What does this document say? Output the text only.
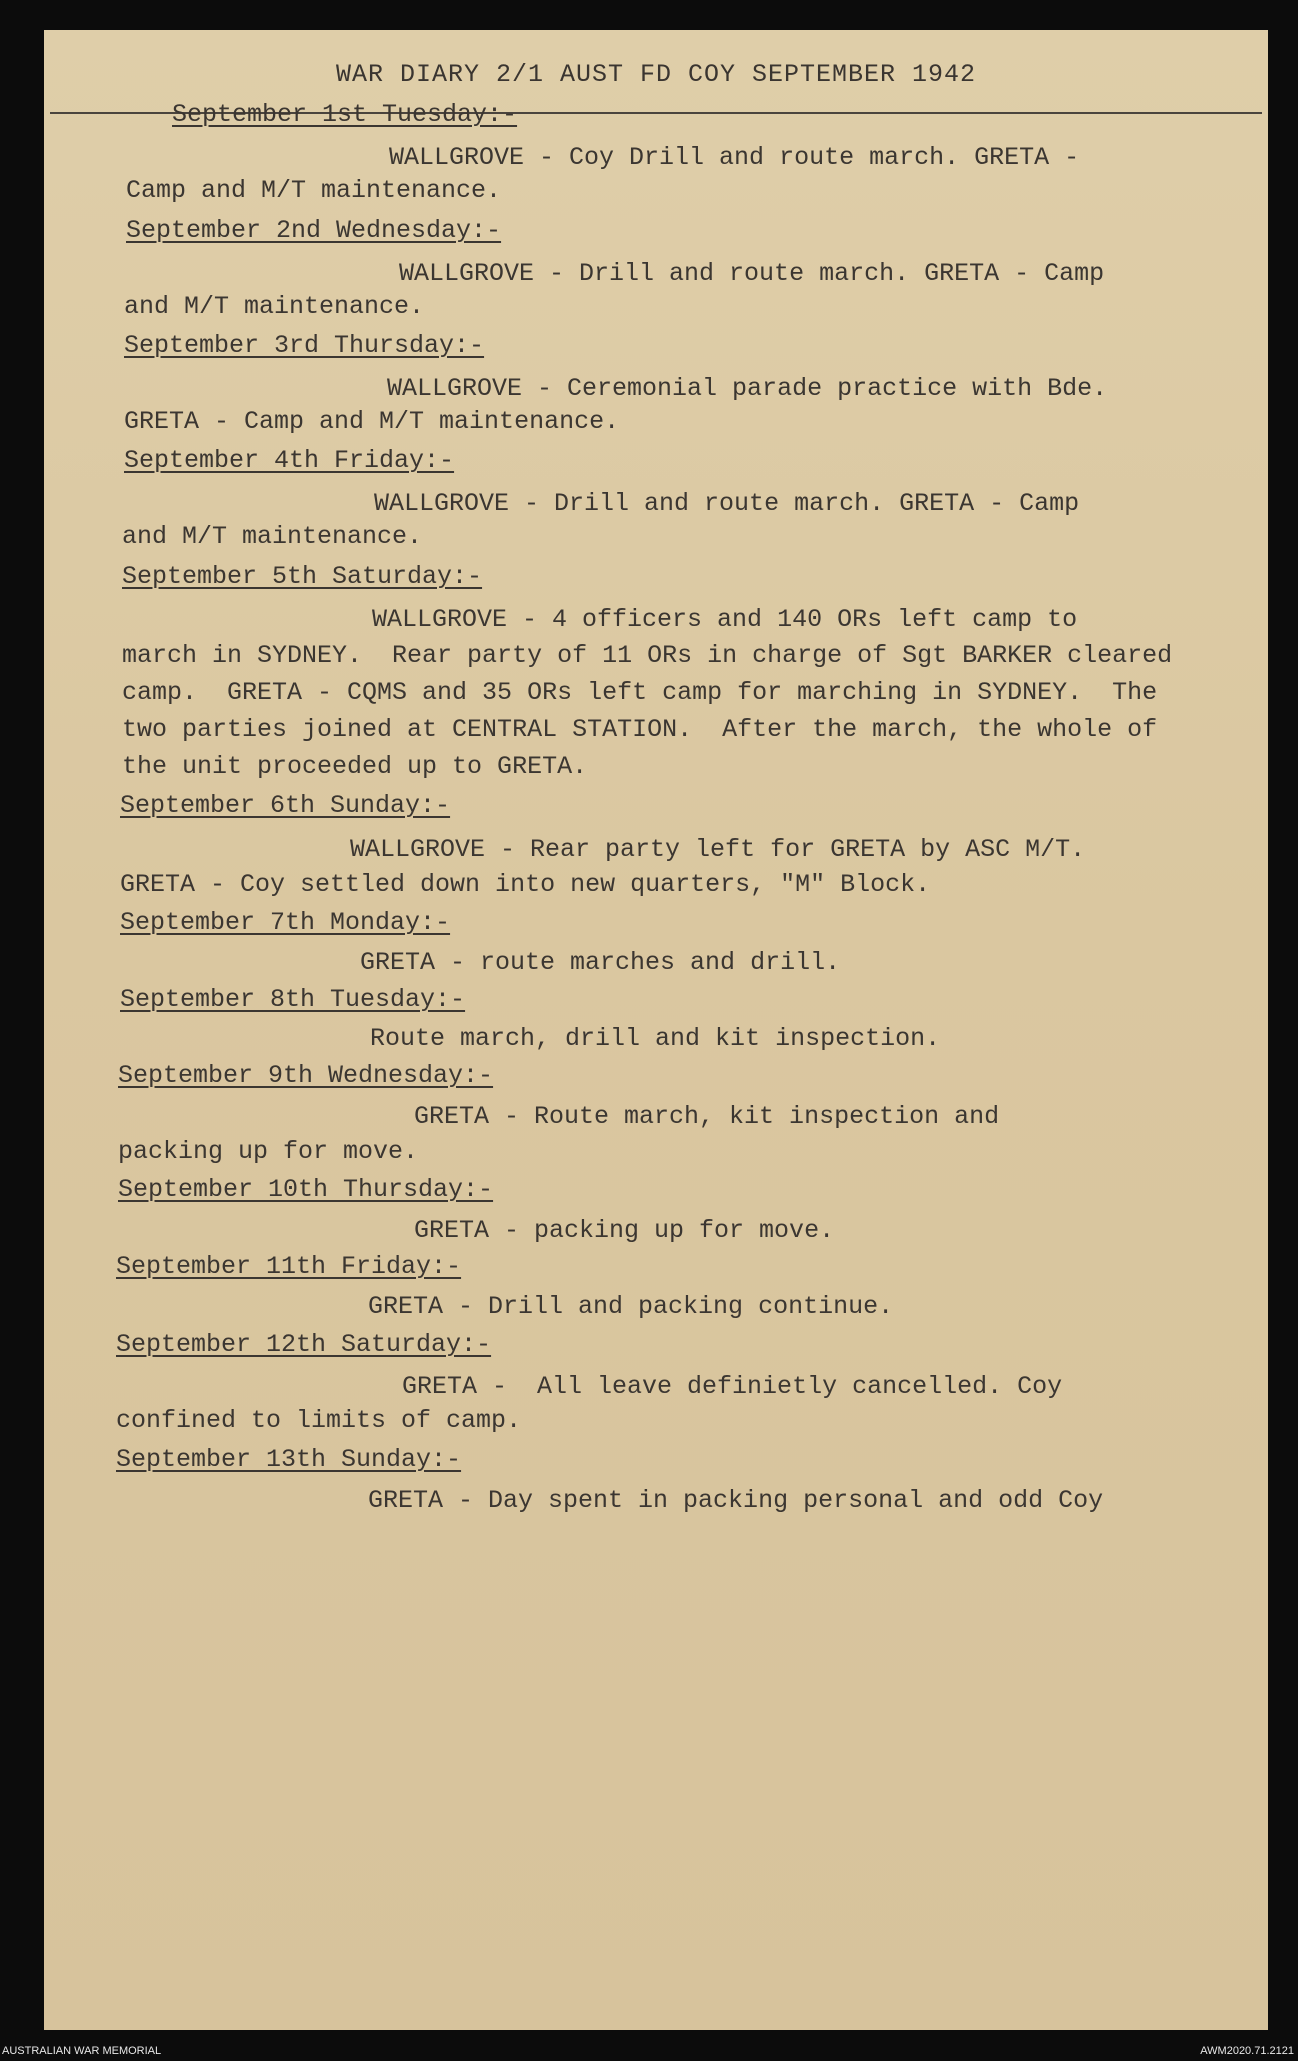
WAR DIARY 2/1 AUST FD COY SEPTEMBER 1942
September 1st Tuesday:-
WALLGROVE - Coy Drill and route march. GRETA -
Camp and M/T maintenance.
September 2nd Wednesday:-
WALLGROVE - Drill and route march. GRETA - Camp
and M/T maintenance.
September 3rd Thursday:-
WALLGROVE - Ceremonial parade practice with Bde.
GRETA - Camp and M/T maintenance.
September 4th Friday:-
WALLGROVE - Drill and route march. GRETA - Camp
and M/T maintenance.
September 5th Saturday:-
WALLGROVE - 4 officers and 140 ORs left camp to
march in SYDNEY.  Rear party of 11 ORs in charge of Sgt BARKER cleared
camp.  GRETA - CQMS and 35 ORs left camp for marching in SYDNEY.  The
two parties joined at CENTRAL STATION.  After the march, the whole of
the unit proceeded up to GRETA.
September 6th Sunday:-
WALLGROVE - Rear party left for GRETA by ASC M/T.
GRETA - Coy settled down into new quarters, "M" Block.
September 7th Monday:-
GRETA - route marches and drill.
September 8th Tuesday:-
Route march, drill and kit inspection.
September 9th Wednesday:-
GRETA - Route march, kit inspection and
packing up for move.
September 10th Thursday:-
GRETA - packing up for move.
September 11th Friday:-
GRETA - Drill and packing continue.
September 12th Saturday:-
GRETA -  All leave definietly cancelled. Coy
confined to limits of camp.
September 13th Sunday:-
GRETA - Day spent in packing personal and odd Coy
AUSTRALIAN WAR MEMORIAL	AWM2020.71.2121
